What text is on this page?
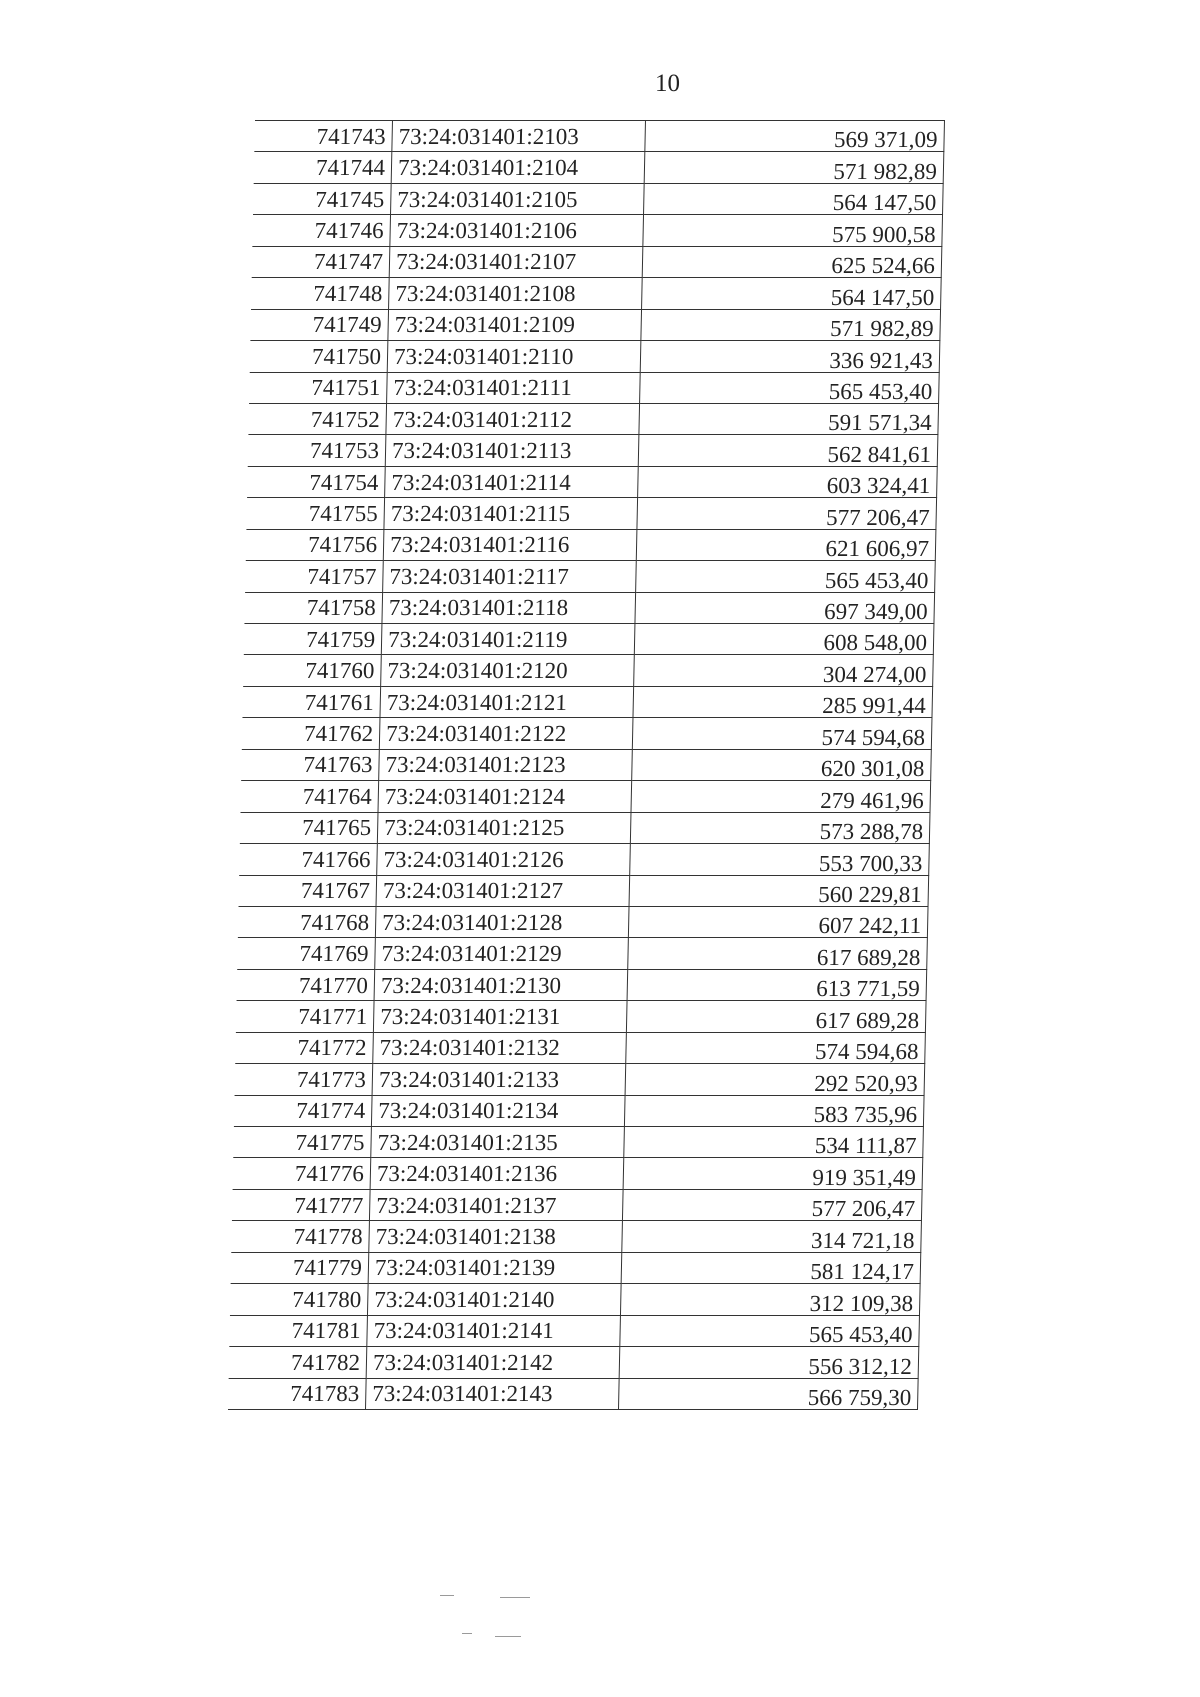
10
741743	73:24:031401:2103	569 371,09
741744	73:24:031401:2104	571 982,89
741745	73:24:031401:2105	564 147,50
741746	73:24:031401:2106	575 900,58
741747	73:24:031401:2107	625 524,66
741748	73:24:031401:2108	564 147,50
741749	73:24:031401:2109	571 982,89
741750	73:24:031401:2110	336 921,43
741751	73:24:031401:2111	565 453,40
741752	73:24:031401:2112	591 571,34
741753	73:24:031401:2113	562 841,61
741754	73:24:031401:2114	603 324,41
741755	73:24:031401:2115	577 206,47
741756	73:24:031401:2116	621 606,97
741757	73:24:031401:2117	565 453,40
741758	73:24:031401:2118	697 349,00
741759	73:24:031401:2119	608 548,00
741760	73:24:031401:2120	304 274,00
741761	73:24:031401:2121	285 991,44
741762	73:24:031401:2122	574 594,68
741763	73:24:031401:2123	620 301,08
741764	73:24:031401:2124	279 461,96
741765	73:24:031401:2125	573 288,78
741766	73:24:031401:2126	553 700,33
741767	73:24:031401:2127	560 229,81
741768	73:24:031401:2128	607 242,11
741769	73:24:031401:2129	617 689,28
741770	73:24:031401:2130	613 771,59
741771	73:24:031401:2131	617 689,28
741772	73:24:031401:2132	574 594,68
741773	73:24:031401:2133	292 520,93
741774	73:24:031401:2134	583 735,96
741775	73:24:031401:2135	534 111,87
741776	73:24:031401:2136	919 351,49
741777	73:24:031401:2137	577 206,47
741778	73:24:031401:2138	314 721,18
741779	73:24:031401:2139	581 124,17
741780	73:24:031401:2140	312 109,38
741781	73:24:031401:2141	565 453,40
741782	73:24:031401:2142	556 312,12
741783	73:24:031401:2143	566 759,30
